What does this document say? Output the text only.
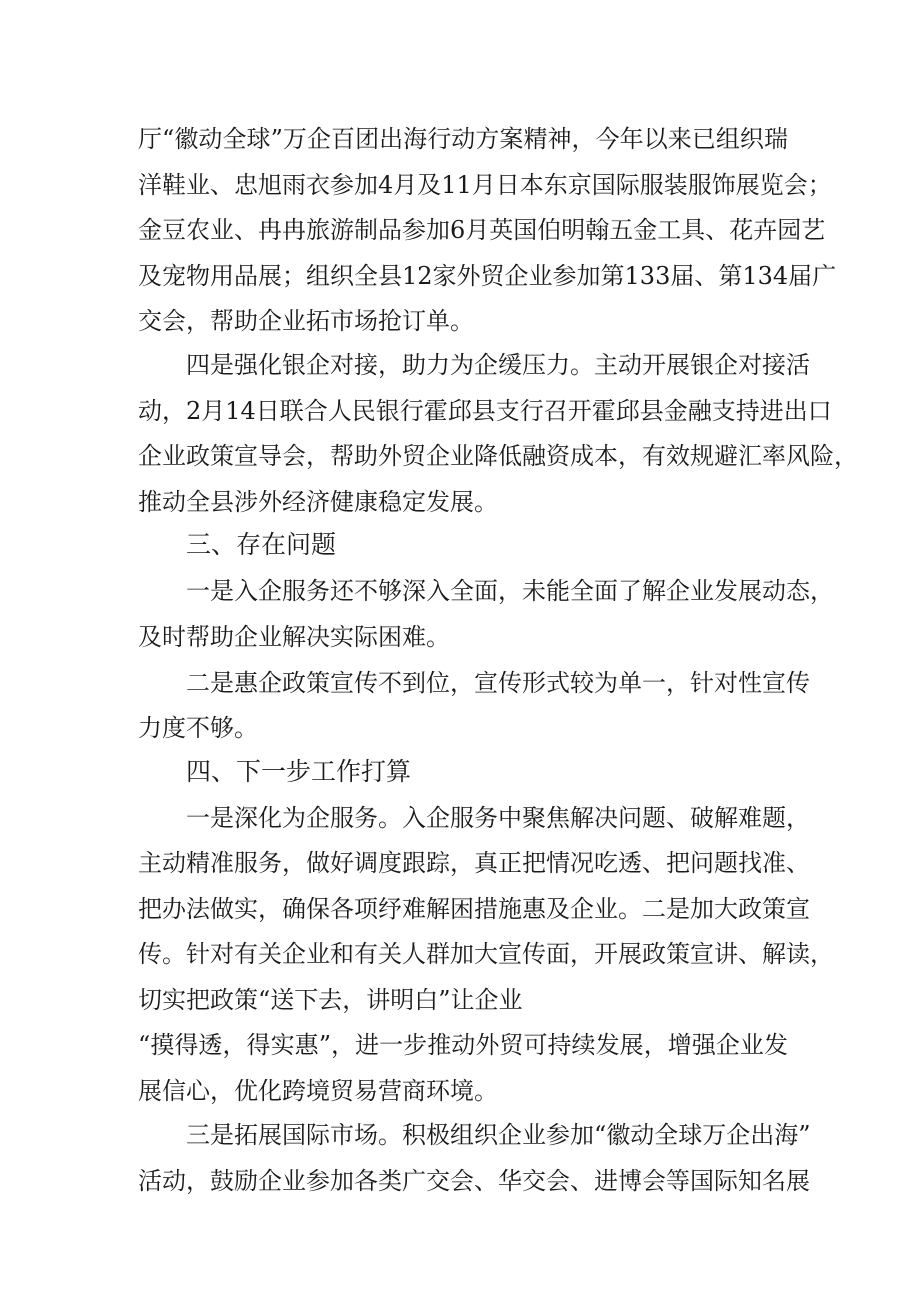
厅“徽动全球”万企百团出海行动方案精神，今年以来已组织瑞
洋鞋业、忠旭雨衣参加4月及11月日本东京国际服装服饰展览会；
金豆农业、冉冉旅游制品参加6月英国伯明翰五金工具、花卉园艺
及宠物用品展；组织全县12家外贸企业参加第133届、第134届广
交会，帮助企业拓市场抢订单。
四是强化银企对接，助力为企缓压力。主动开展银企对接活
动，2月14日联合人民银行霍邱县支行召开霍邱县金融支持进出口
企业政策宣导会，帮助外贸企业降低融资成本，有效规避汇率风险，
推动全县涉外经济健康稳定发展。
三、存在问题
一是入企服务还不够深入全面，未能全面了解企业发展动态，
及时帮助企业解决实际困难。
二是惠企政策宣传不到位，宣传形式较为单一，针对性宣传
力度不够。
四、下一步工作打算
一是深化为企服务。入企服务中聚焦解决问题、破解难题，
主动精准服务，做好调度跟踪，真正把情况吃透、把问题找准、
把办法做实，确保各项纾难解困措施惠及企业。二是加大政策宣
传。针对有关企业和有关人群加大宣传面，开展政策宣讲、解读，
切实把政策“送下去，讲明白”让企业
“摸得透，得实惠”，进一步推动外贸可持续发展，增强企业发
展信心，优化跨境贸易营商环境。
三是拓展国际市场。积极组织企业参加“徽动全球万企出海”
活动，鼓励企业参加各类广交会、华交会、进博会等国际知名展
